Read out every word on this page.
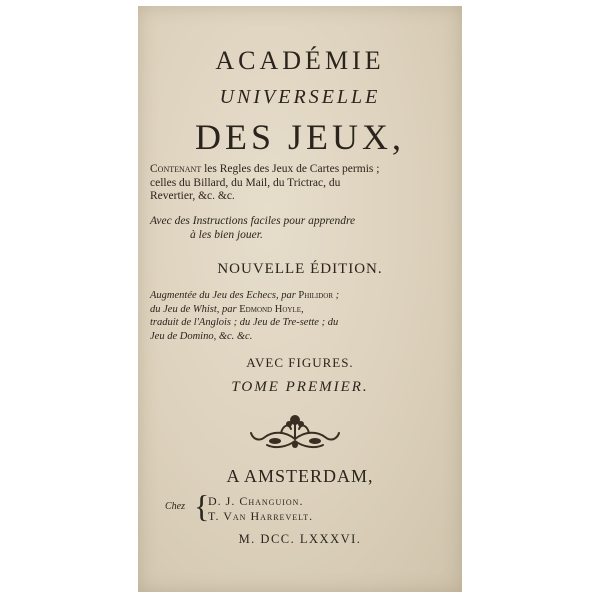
ACADÉMIE
UNIVERSELLE
DES JEUX,
Contenant les Regles des Jeux de Cartes permis ;
celles du Billard, du Mail, du Trictrac, du
Revertier, &c. &c.
Avec des Instructions faciles pour apprendre
à les bien jouer.
NOUVELLE ÉDITION.
Augmentée du Jeu des Echecs, par Philidor ;
du Jeu de Whist, par Edmond Hoyle,
traduit de l'Anglois ; du Jeu de Tre-sette ; du
Jeu de Domino, &c. &c.
AVEC FIGURES.
TOME PREMIER.
A AMSTERDAM,
Chez {
D. J. Changuion.
T. Van Harrevelt.
M. DCC. LXXXVI.
